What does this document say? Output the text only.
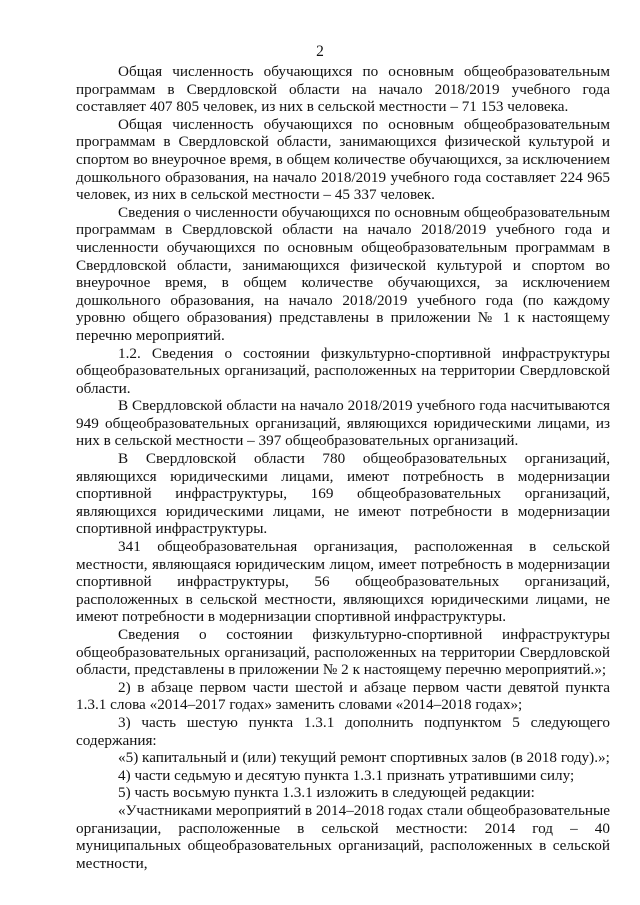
2

Общая численность обучающихся по основным общеобразовательным программам в Свердловской области на начало 2018/2019 учебного года составляет 407 805 человек, из них в сельской местности – 71 153 человека.

Общая численность обучающихся по основным общеобразовательным программам в Свердловской области, занимающихся физической культурой и спортом во внеурочное время, в общем количестве обучающихся, за исключением дошкольного образования, на начало 2018/2019 учебного года составляет 224 965 человек, из них в сельской местности – 45 337 человек.

Сведения о численности обучающихся по основным общеобразовательным программам в Свердловской области на начало 2018/2019 учебного года и численности обучающихся по основным общеобразовательным программам в Свердловской области, занимающихся физической культурой и спортом во внеурочное время, в общем количестве обучающихся, за исключением дошкольного образования, на начало 2018/2019 учебного года (по каждому уровню общего образования) представлены в приложении № 1 к настоящему перечню мероприятий.

1.2. Сведения о состоянии физкультурно-спортивной инфраструктуры общеобразовательных организаций, расположенных на территории Свердловской области.

В Свердловской области на начало 2018/2019 учебного года насчитываются 949 общеобразовательных организаций, являющихся юридическими лицами, из них в сельской местности – 397 общеобразовательных организаций.

В Свердловской области 780 общеобразовательных организаций, являющихся юридическими лицами, имеют потребность в модернизации спортивной инфраструктуры, 169 общеобразовательных организаций, являющихся юридическими лицами, не имеют потребности в модернизации спортивной инфраструктуры.

341 общеобразовательная организация, расположенная в сельской местности, являющаяся юридическим лицом, имеет потребность в модернизации спортивной инфраструктуры, 56 общеобразовательных организаций, расположенных в сельской местности, являющихся юридическими лицами, не имеют потребности в модернизации спортивной инфраструктуры.

Сведения о состоянии физкультурно-спортивной инфраструктуры общеобразовательных организаций, расположенных на территории Свердловской области, представлены в приложении № 2 к настоящему перечню мероприятий.»;

2) в абзаце первом части шестой и абзаце первом части девятой пункта 1.3.1 слова «2014–2017 годах» заменить словами «2014–2018 годах»;

3) часть шестую пункта 1.3.1 дополнить подпунктом 5 следующего содержания:

«5) капитальный и (или) текущий ремонт спортивных залов (в 2018 году).»;

4) части седьмую и десятую пункта 1.3.1 признать утратившими силу;

5) часть восьмую пункта 1.3.1 изложить в следующей редакции:

«Участниками мероприятий в 2014–2018 годах стали общеобразовательные организации, расположенные в сельской местности: 2014 год – 40 муниципальных общеобразовательных организаций, расположенных в сельской местности,
